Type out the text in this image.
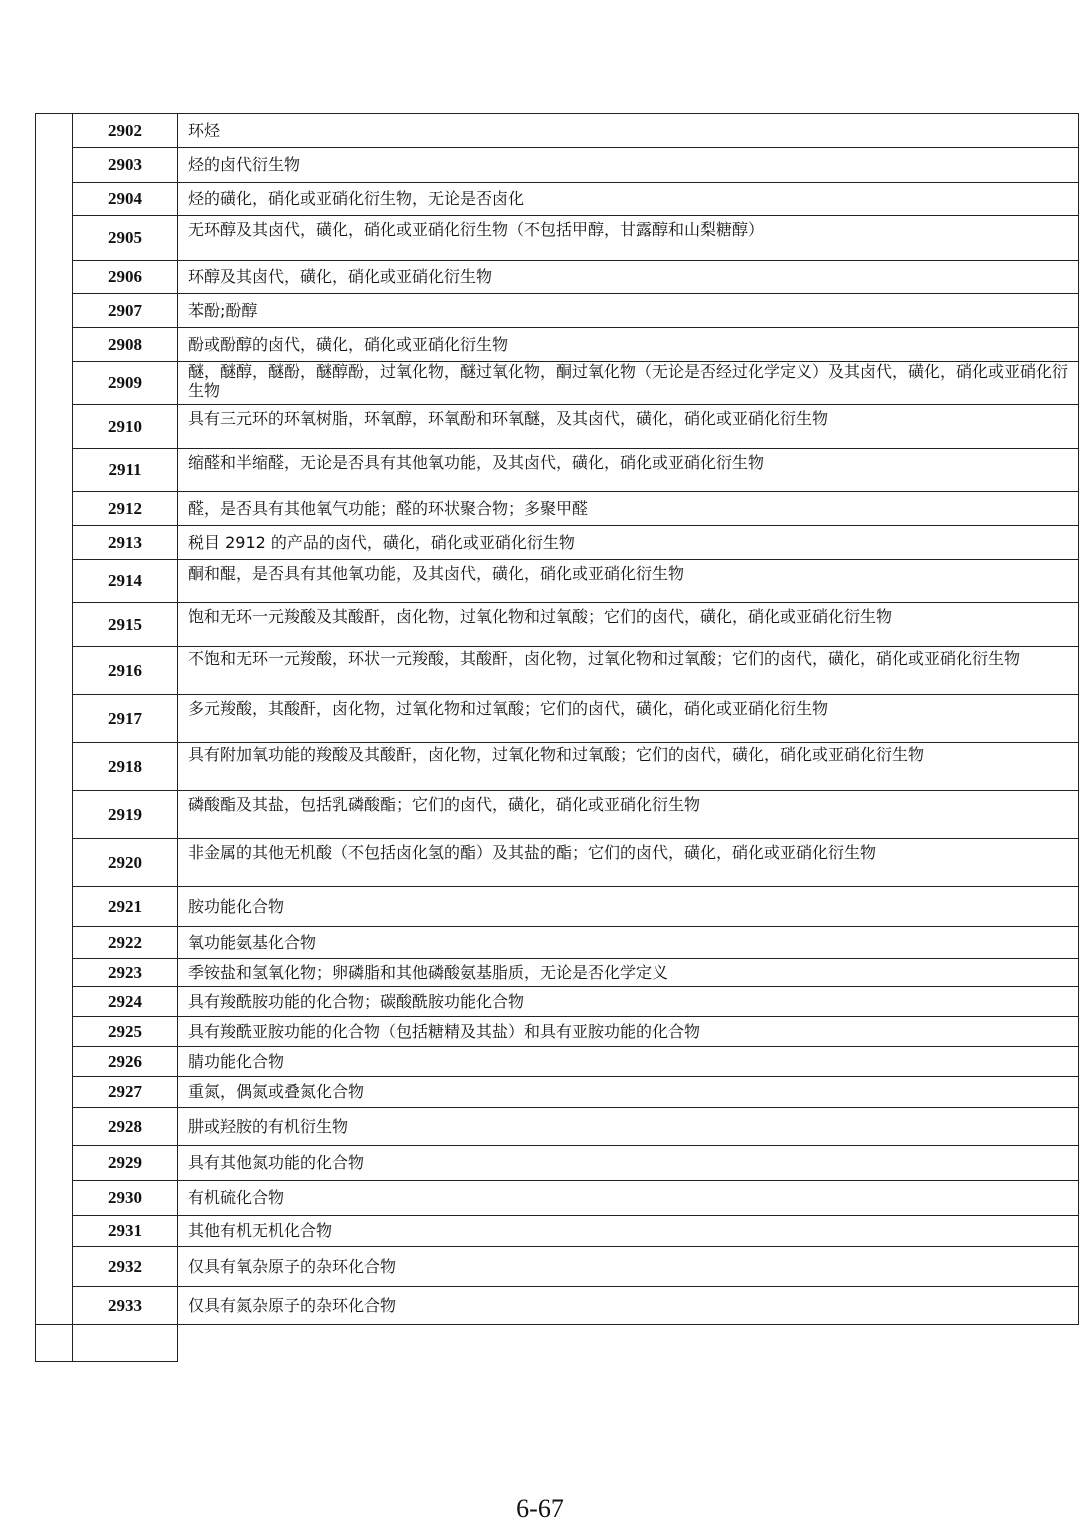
	2902	环烃
	2903	烃的卤代衍生物
	2904	烃的磺化，硝化或亚硝化衍生物，无论是否卤化
	2905	无环醇及其卤代，磺化，硝化或亚硝化衍生物（不包括甲醇，甘露醇和山梨糖醇）
	2906	环醇及其卤代，磺化，硝化或亚硝化衍生物
	2907	苯酚;酚醇
	2908	酚或酚醇的卤代，磺化，硝化或亚硝化衍生物
	2909	醚，醚醇，醚酚，醚醇酚，过氧化物，醚过氧化物，酮过氧化物（无论是否经过化学定义）及其卤代，磺化，硝化或亚硝化衍生物
	2910	具有三元环的环氧树脂，环氧醇，环氧酚和环氧醚，及其卤代，磺化，硝化或亚硝化衍生物
	2911	缩醛和半缩醛，无论是否具有其他氧功能，及其卤代，磺化，硝化或亚硝化衍生物
	2912	醛，是否具有其他氧气功能；醛的环状聚合物；多聚甲醛
	2913	税目 2912 的产品的卤代，磺化，硝化或亚硝化衍生物
	2914	酮和醌，是否具有其他氧功能，及其卤代，磺化，硝化或亚硝化衍生物
	2915	饱和无环一元羧酸及其酸酐，卤化物，过氧化物和过氧酸；它们的卤代，磺化，硝化或亚硝化衍生物
	2916	不饱和无环一元羧酸，环状一元羧酸，其酸酐，卤化物，过氧化物和过氧酸；它们的卤代，磺化，硝化或亚硝化衍生物
	2917	多元羧酸，其酸酐，卤化物，过氧化物和过氧酸；它们的卤代，磺化，硝化或亚硝化衍生物
	2918	具有附加氧功能的羧酸及其酸酐，卤化物，过氧化物和过氧酸；它们的卤代，磺化，硝化或亚硝化衍生物
	2919	磷酸酯及其盐，包括乳磷酸酯；它们的卤代，磺化，硝化或亚硝化衍生物
	2920	非金属的其他无机酸（不包括卤化氢的酯）及其盐的酯；它们的卤代，磺化，硝化或亚硝化衍生物
	2921	胺功能化合物
	2922	氧功能氨基化合物
	2923	季铵盐和氢氧化物；卵磷脂和其他磷酸氨基脂质，无论是否化学定义
	2924	具有羧酰胺功能的化合物；碳酸酰胺功能化合物
	2925	具有羧酰亚胺功能的化合物（包括糖精及其盐）和具有亚胺功能的化合物
	2926	腈功能化合物
	2927	重氮，偶氮或叠氮化合物
	2928	肼或羟胺的有机衍生物
	2929	具有其他氮功能的化合物
	2930	有机硫化合物
	2931	其他有机无机化合物
	2932	仅具有氧杂原子的杂环化合物
	2933	仅具有氮杂原子的杂环化合物

6-67
